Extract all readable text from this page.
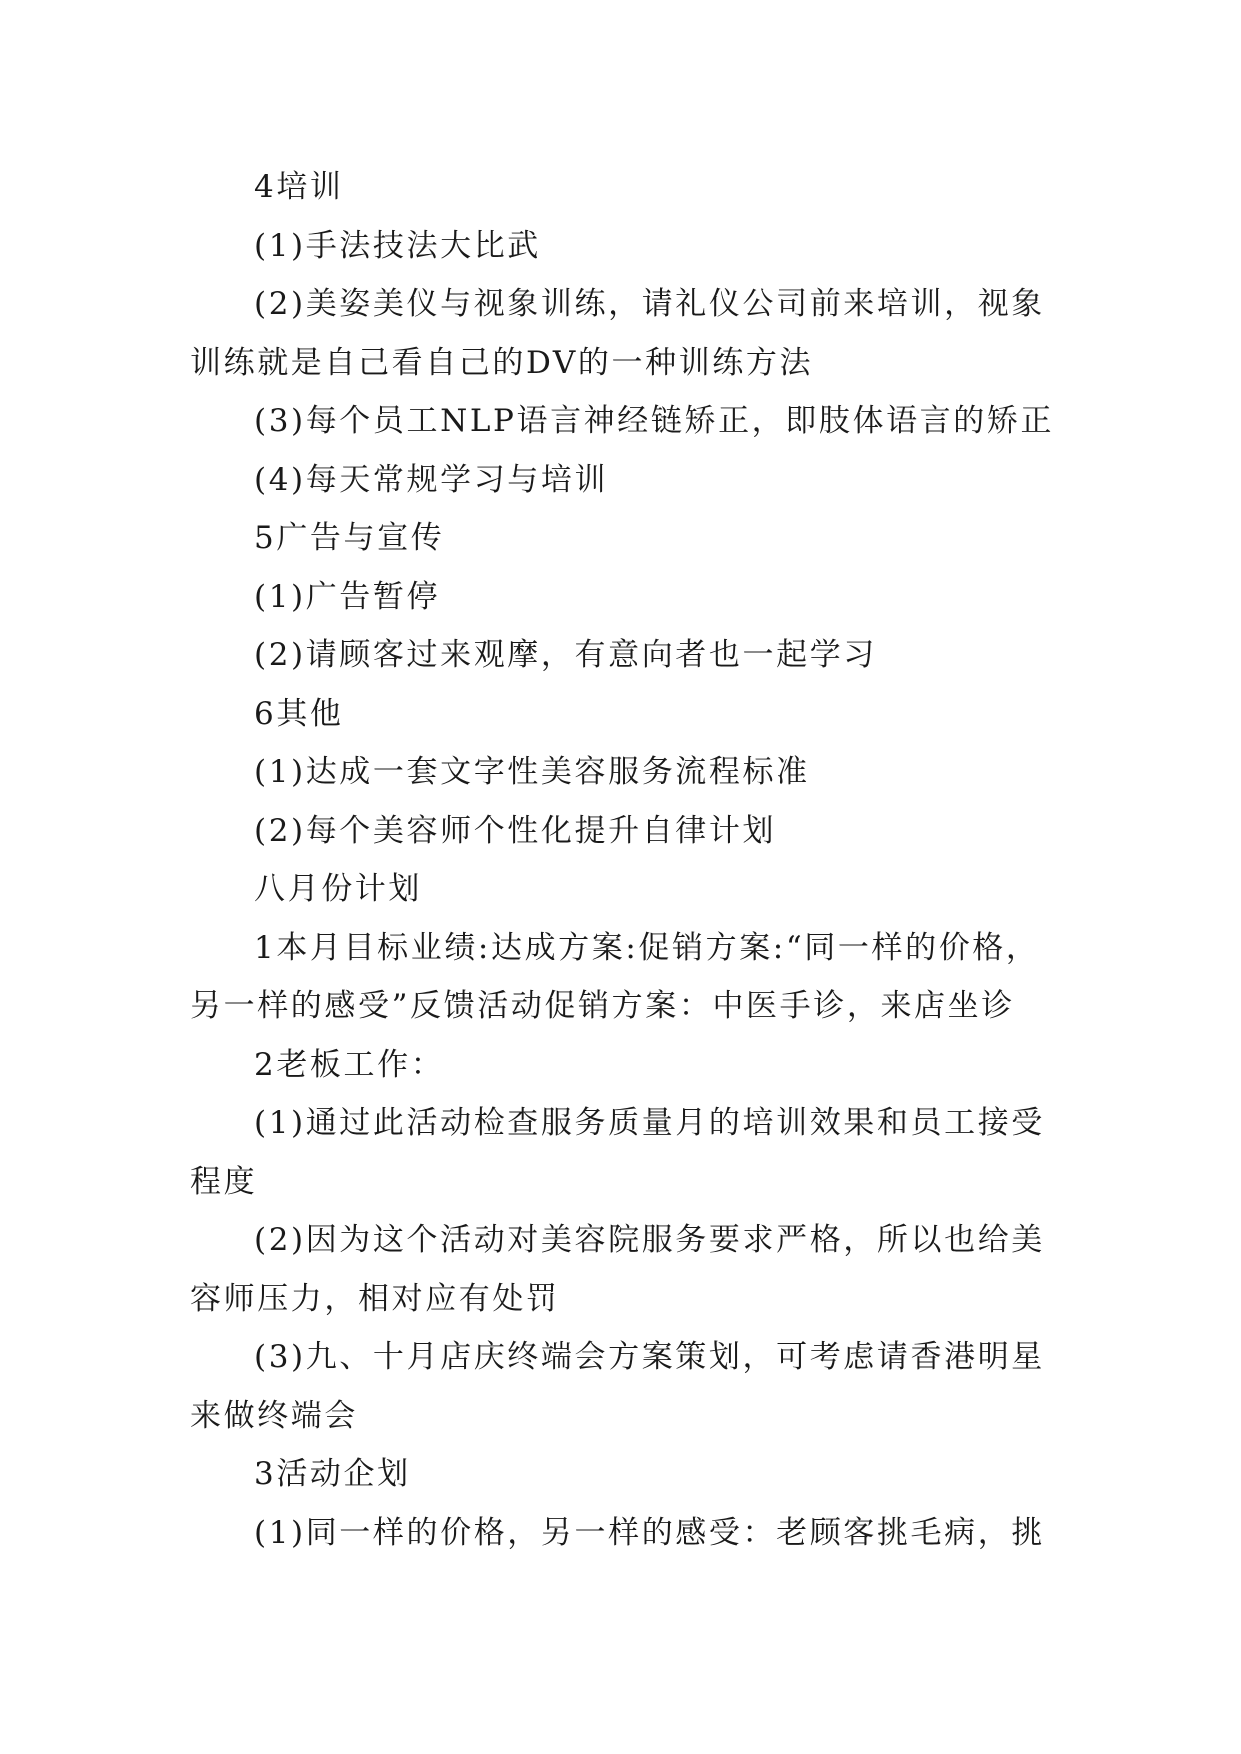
4培训

(1)手法技法大比武

(2)美姿美仪与视象训练，请礼仪公司前来培训，视象训练就是自己看自己的DV的一种训练方法

(3)每个员工NLP语言神经链矫正，即肢体语言的矫正

(4)每天常规学习与培训

5广告与宣传

(1)广告暂停

(2)请顾客过来观摩，有意向者也一起学习

6其他

(1)达成一套文字性美容服务流程标准

(2)每个美容师个性化提升自律计划

八月份计划

1本月目标业绩:达成方案:促销方案:“同一样的价格，另一样的感受”反馈活动促销方案：中医手诊，来店坐诊

2老板工作：

(1)通过此活动检查服务质量月的培训效果和员工接受程度

(2)因为这个活动对美容院服务要求严格，所以也给美容师压力，相对应有处罚

(3)九、十月店庆终端会方案策划，可考虑请香港明星来做终端会

3活动企划

(1)同一样的价格，另一样的感受：老顾客挑毛病，挑
